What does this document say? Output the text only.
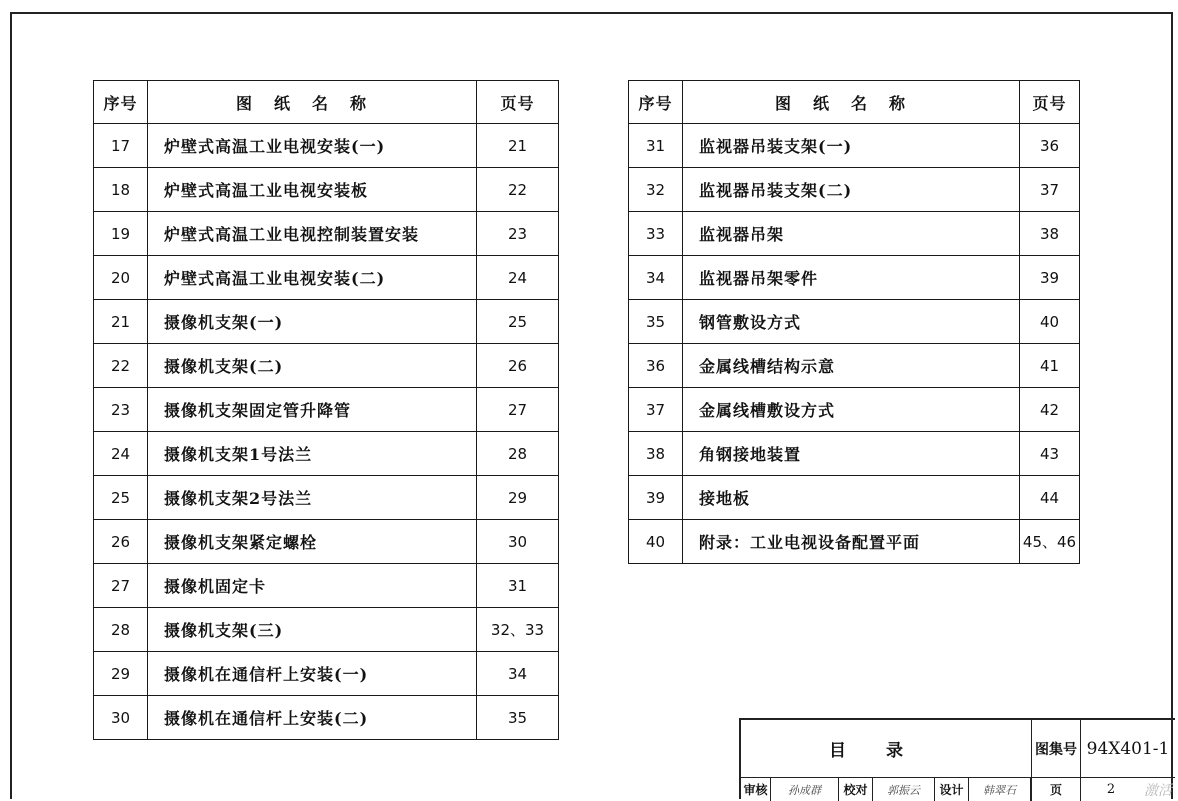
序号	图纸名称	页号
17	炉壁式高温工业电视安装(一)	21
18	炉壁式高温工业电视安装板	22
19	炉壁式高温工业电视控制装置安装	23
20	炉壁式高温工业电视安装(二)	24
21	摄像机支架(一)	25
22	摄像机支架(二)	26
23	摄像机支架固定管升降管	27
24	摄像机支架1号法兰	28
25	摄像机支架2号法兰	29
26	摄像机支架紧定螺栓	30
27	摄像机固定卡	31
28	摄像机支架(三)	32、33
29	摄像机在通信杆上安装(一)	34
30	摄像机在通信杆上安装(二)	35
序号	图纸名称	页号
31	监视器吊装支架(一)	36
32	监视器吊装支架(二)	37
33	监视器吊架	38
34	监视器吊架零件	39
35	钢管敷设方式	40
36	金属线槽结构示意	41
37	金属线槽敷设方式	42
38	角钢接地装置	43
39	接地板	44
40	附录：工业电视设备配置平面	45、46
目录	图集号 94X401-1
审核	孙成群	校对	郭振云	设计	韩翠石	页	2	激活
